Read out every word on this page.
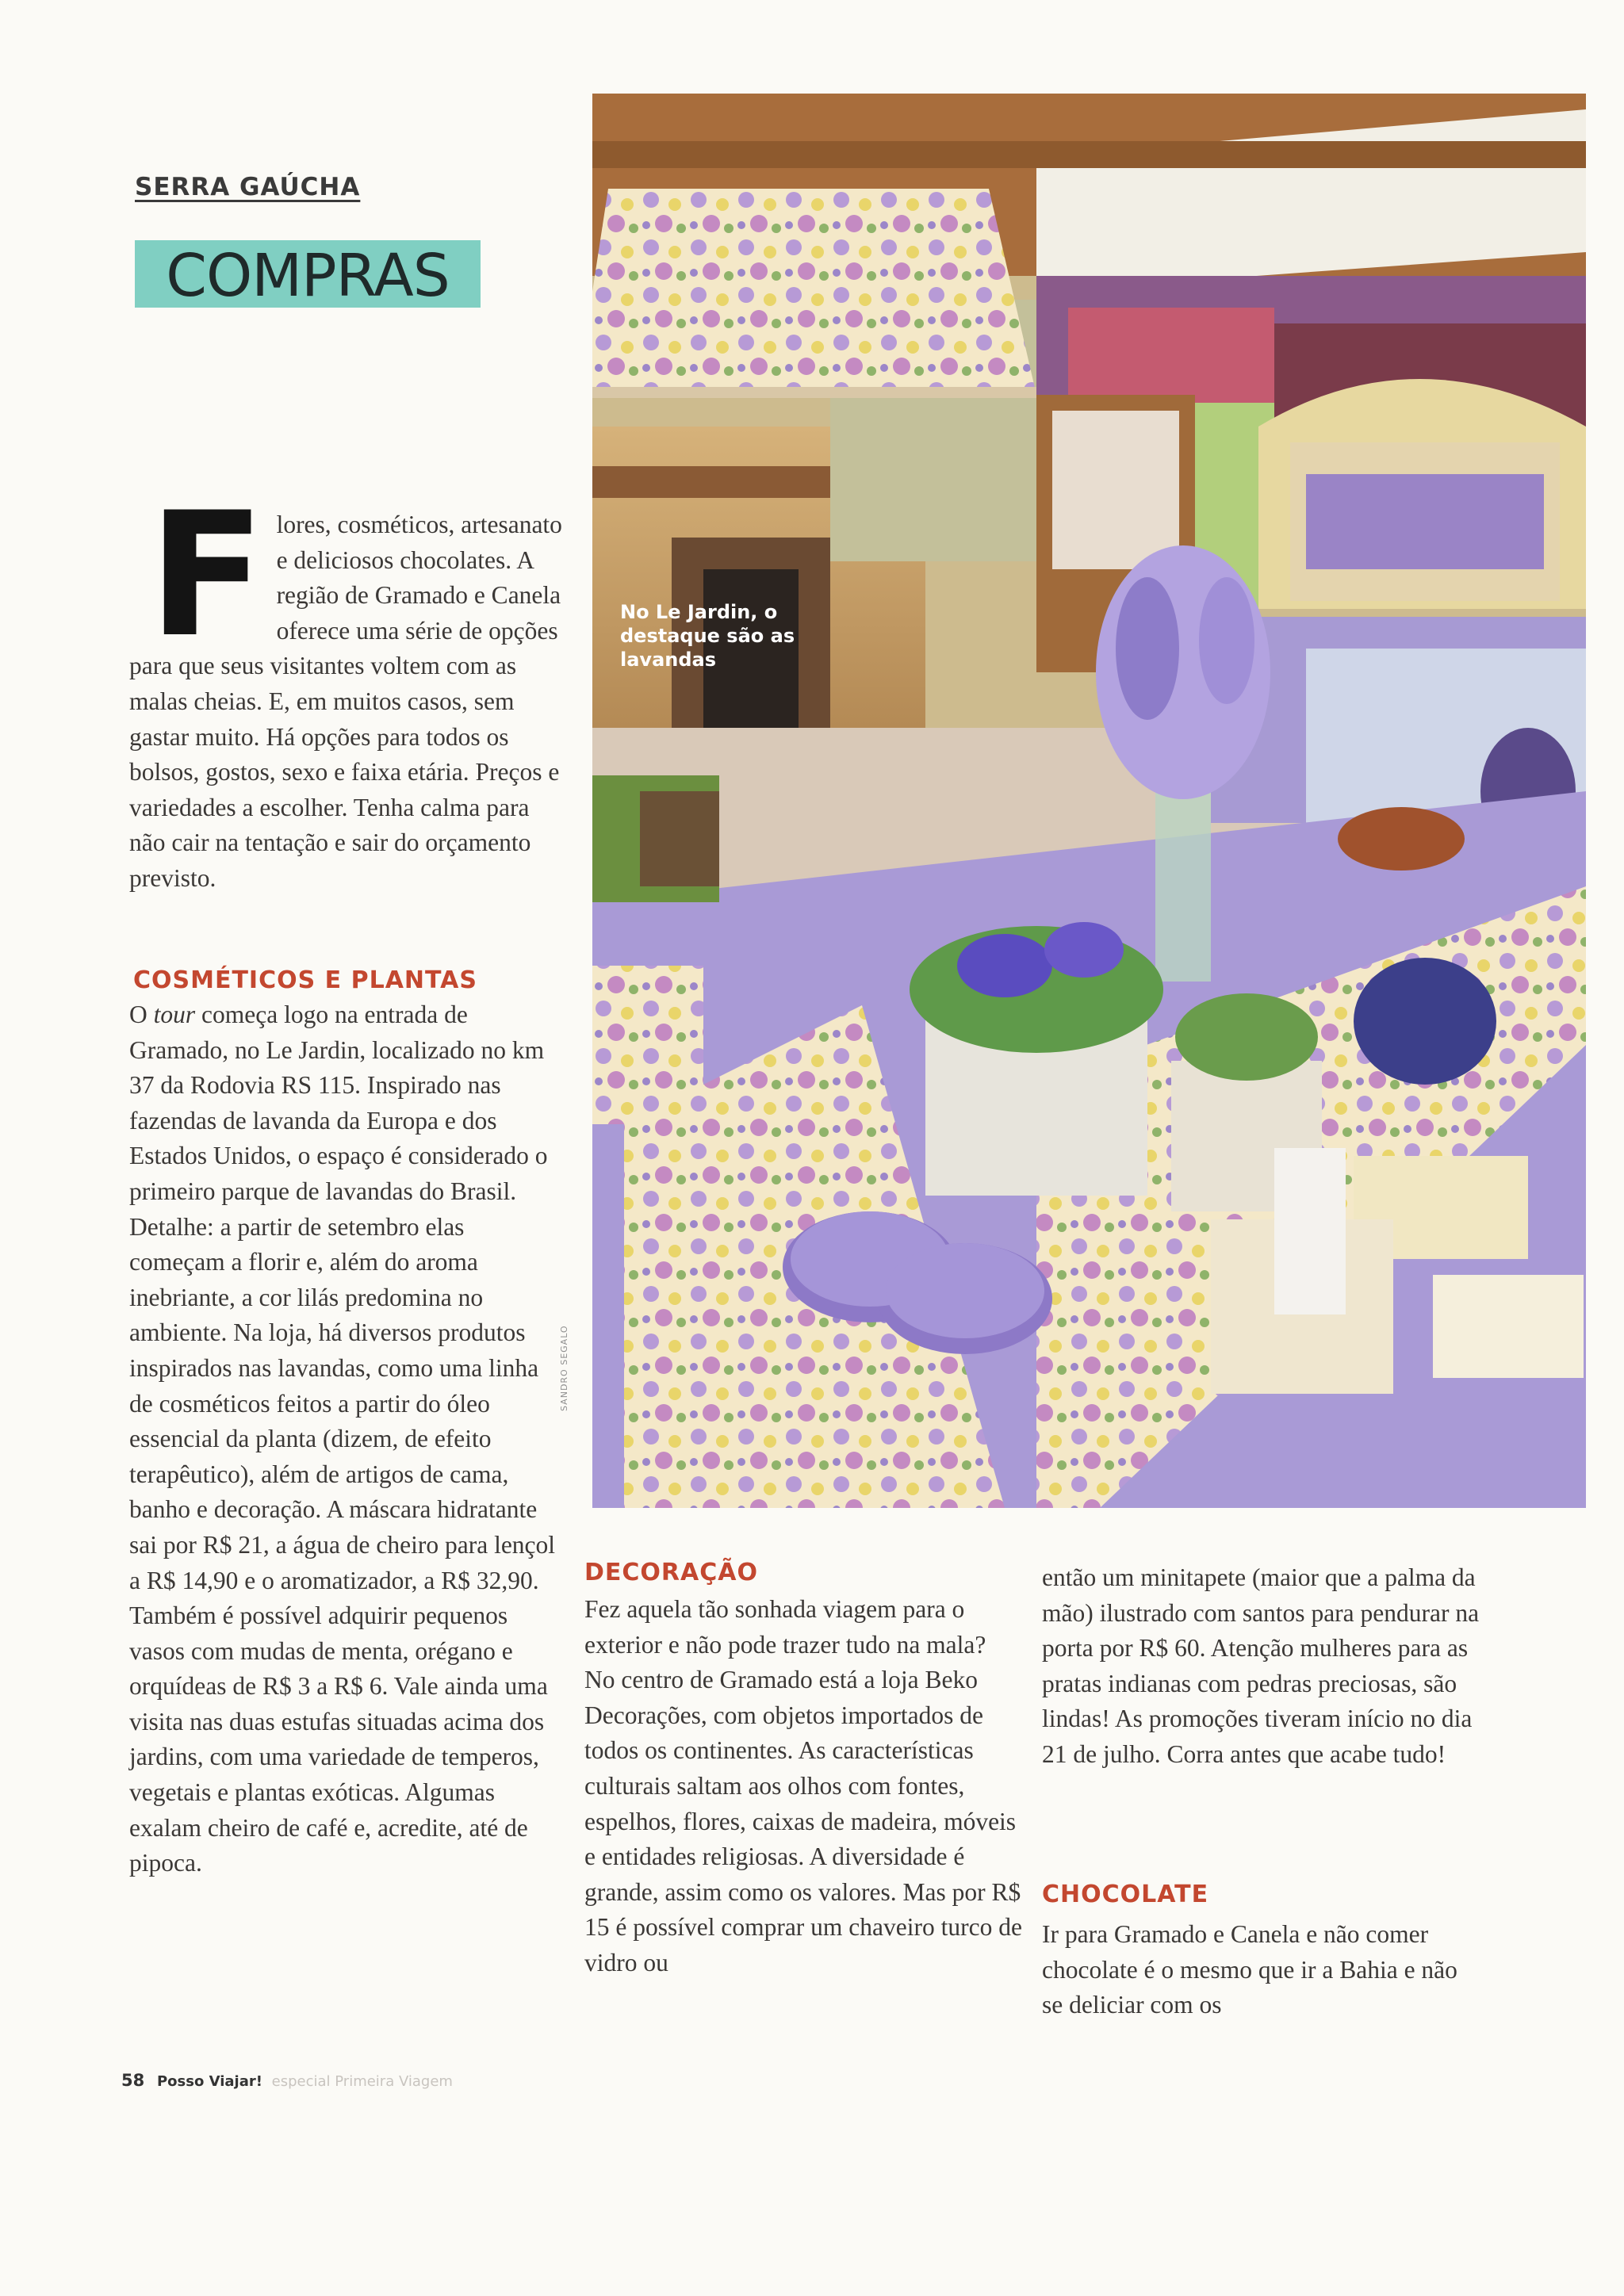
SERRA GAÚCHA
COMPRAS
F lores, cosméticos, artesanato e deliciosos chocolates. A região de Gramado e Canela oferece uma série de opções para que seus visitantes voltem com as malas cheias. E, em muitos casos, sem gastar muito. Há opções para todos os bolsos, gostos, sexo e faixa etária. Preços e variedades a escolher. Tenha calma para não cair na tentação e sair do orçamento previsto.

COSMÉTICOS E PLANTAS

O tour começa logo na entrada de Gramado, no Le Jardin, localizado no km 37 da Rodovia RS 115. Inspirado nas fazendas de lavanda da Europa e dos Estados Unidos, o espaço é considerado o primeiro parque de lavandas do Brasil. Detalhe: a partir de setembro elas começam a florir e, além do aroma inebriante, a cor lilás predomina no ambiente. Na loja, há diversos produtos inspirados nas lavandas, como uma linha de cosméticos feitos a partir do óleo essencial da planta (dizem, de efeito terapêutico), além de artigos de cama, banho e decoração. A máscara hidratante sai por R$ 21, a água de cheiro para lençol a R$ 14,90 e o aromatizador, a R$ 32,90. Também é possível adquirir pequenos vasos com mudas de menta, orégano e orquídeas de R$ 3 a R$ 6. Vale ainda uma visita nas duas estufas situadas acima dos jardins, com uma variedade de temperos, vegetais e plantas exóticas. Algumas exalam cheiro de café e, acredite, até de pipoca.

No Le Jardin, o destaque são as lavandas
SANDRO SEGALO
DECORAÇÃO

Fez aquela tão sonhada viagem para o exterior e não pode trazer tudo na mala? No centro de Gramado está a loja Beko Decorações, com objetos importados de todos os continentes. As características culturais saltam aos olhos com fontes, espelhos, flores, caixas de madeira, móveis e entidades religiosas. A diversidade é grande, assim como os valores. Mas por R$ 15 é possível comprar um chaveiro turco de vidro ou

então um minitapete (maior que a palma da mão) ilustrado com santos para pendurar na porta por R$ 60. Atenção mulheres para as pratas indianas com pedras preciosas, são lindas! As promoções tiveram início no dia 21 de julho. Corra antes que acabe tudo!

CHOCOLATE

Ir para Gramado e Canela e não comer chocolate é o mesmo que ir a Bahia e não se deliciar com os

58 Posso Viajar! especial Primeira Viagem
